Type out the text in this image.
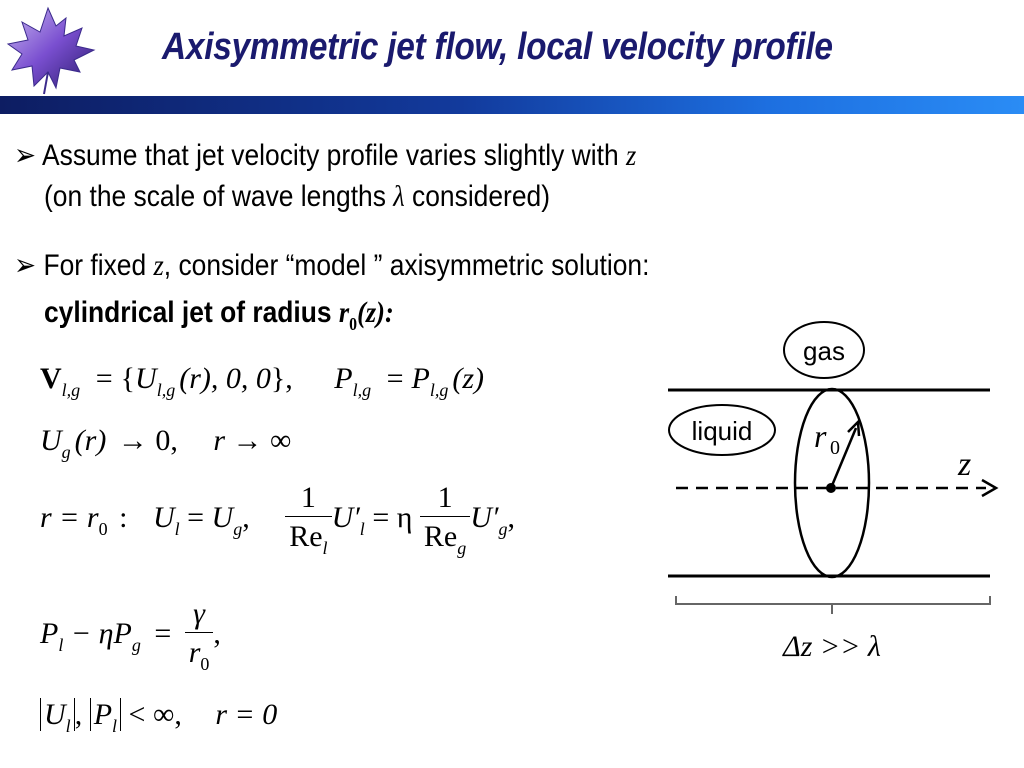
Axisymmetric jet flow, local velocity profile
➢ Assume that jet velocity profile varies slightly with z
(on the scale of wave lengths λ considered)
➢ For fixed z, consider “model ” axisymmetric solution:
cylindrical jet of radius $r_0(z)$:
$V_{l,g} = \{U_{l,g}$ (r), 0, 0}, $P_{l,g} = P_{l,g}$ (z)
$U_g$ (r) → 0, r → ∞
$r = r_0$ : $U_l = U_g$, $\frac{1}{Re_l} U'_l = \eta \frac{1}{Re_g} U'_g$,
$P_l - \eta P_g = \frac{\gamma}{r_0}$ ,
$U_l$ , $P_l$ < ∞, r = 0
gas
liquid r 0	z
Δz >> λ
